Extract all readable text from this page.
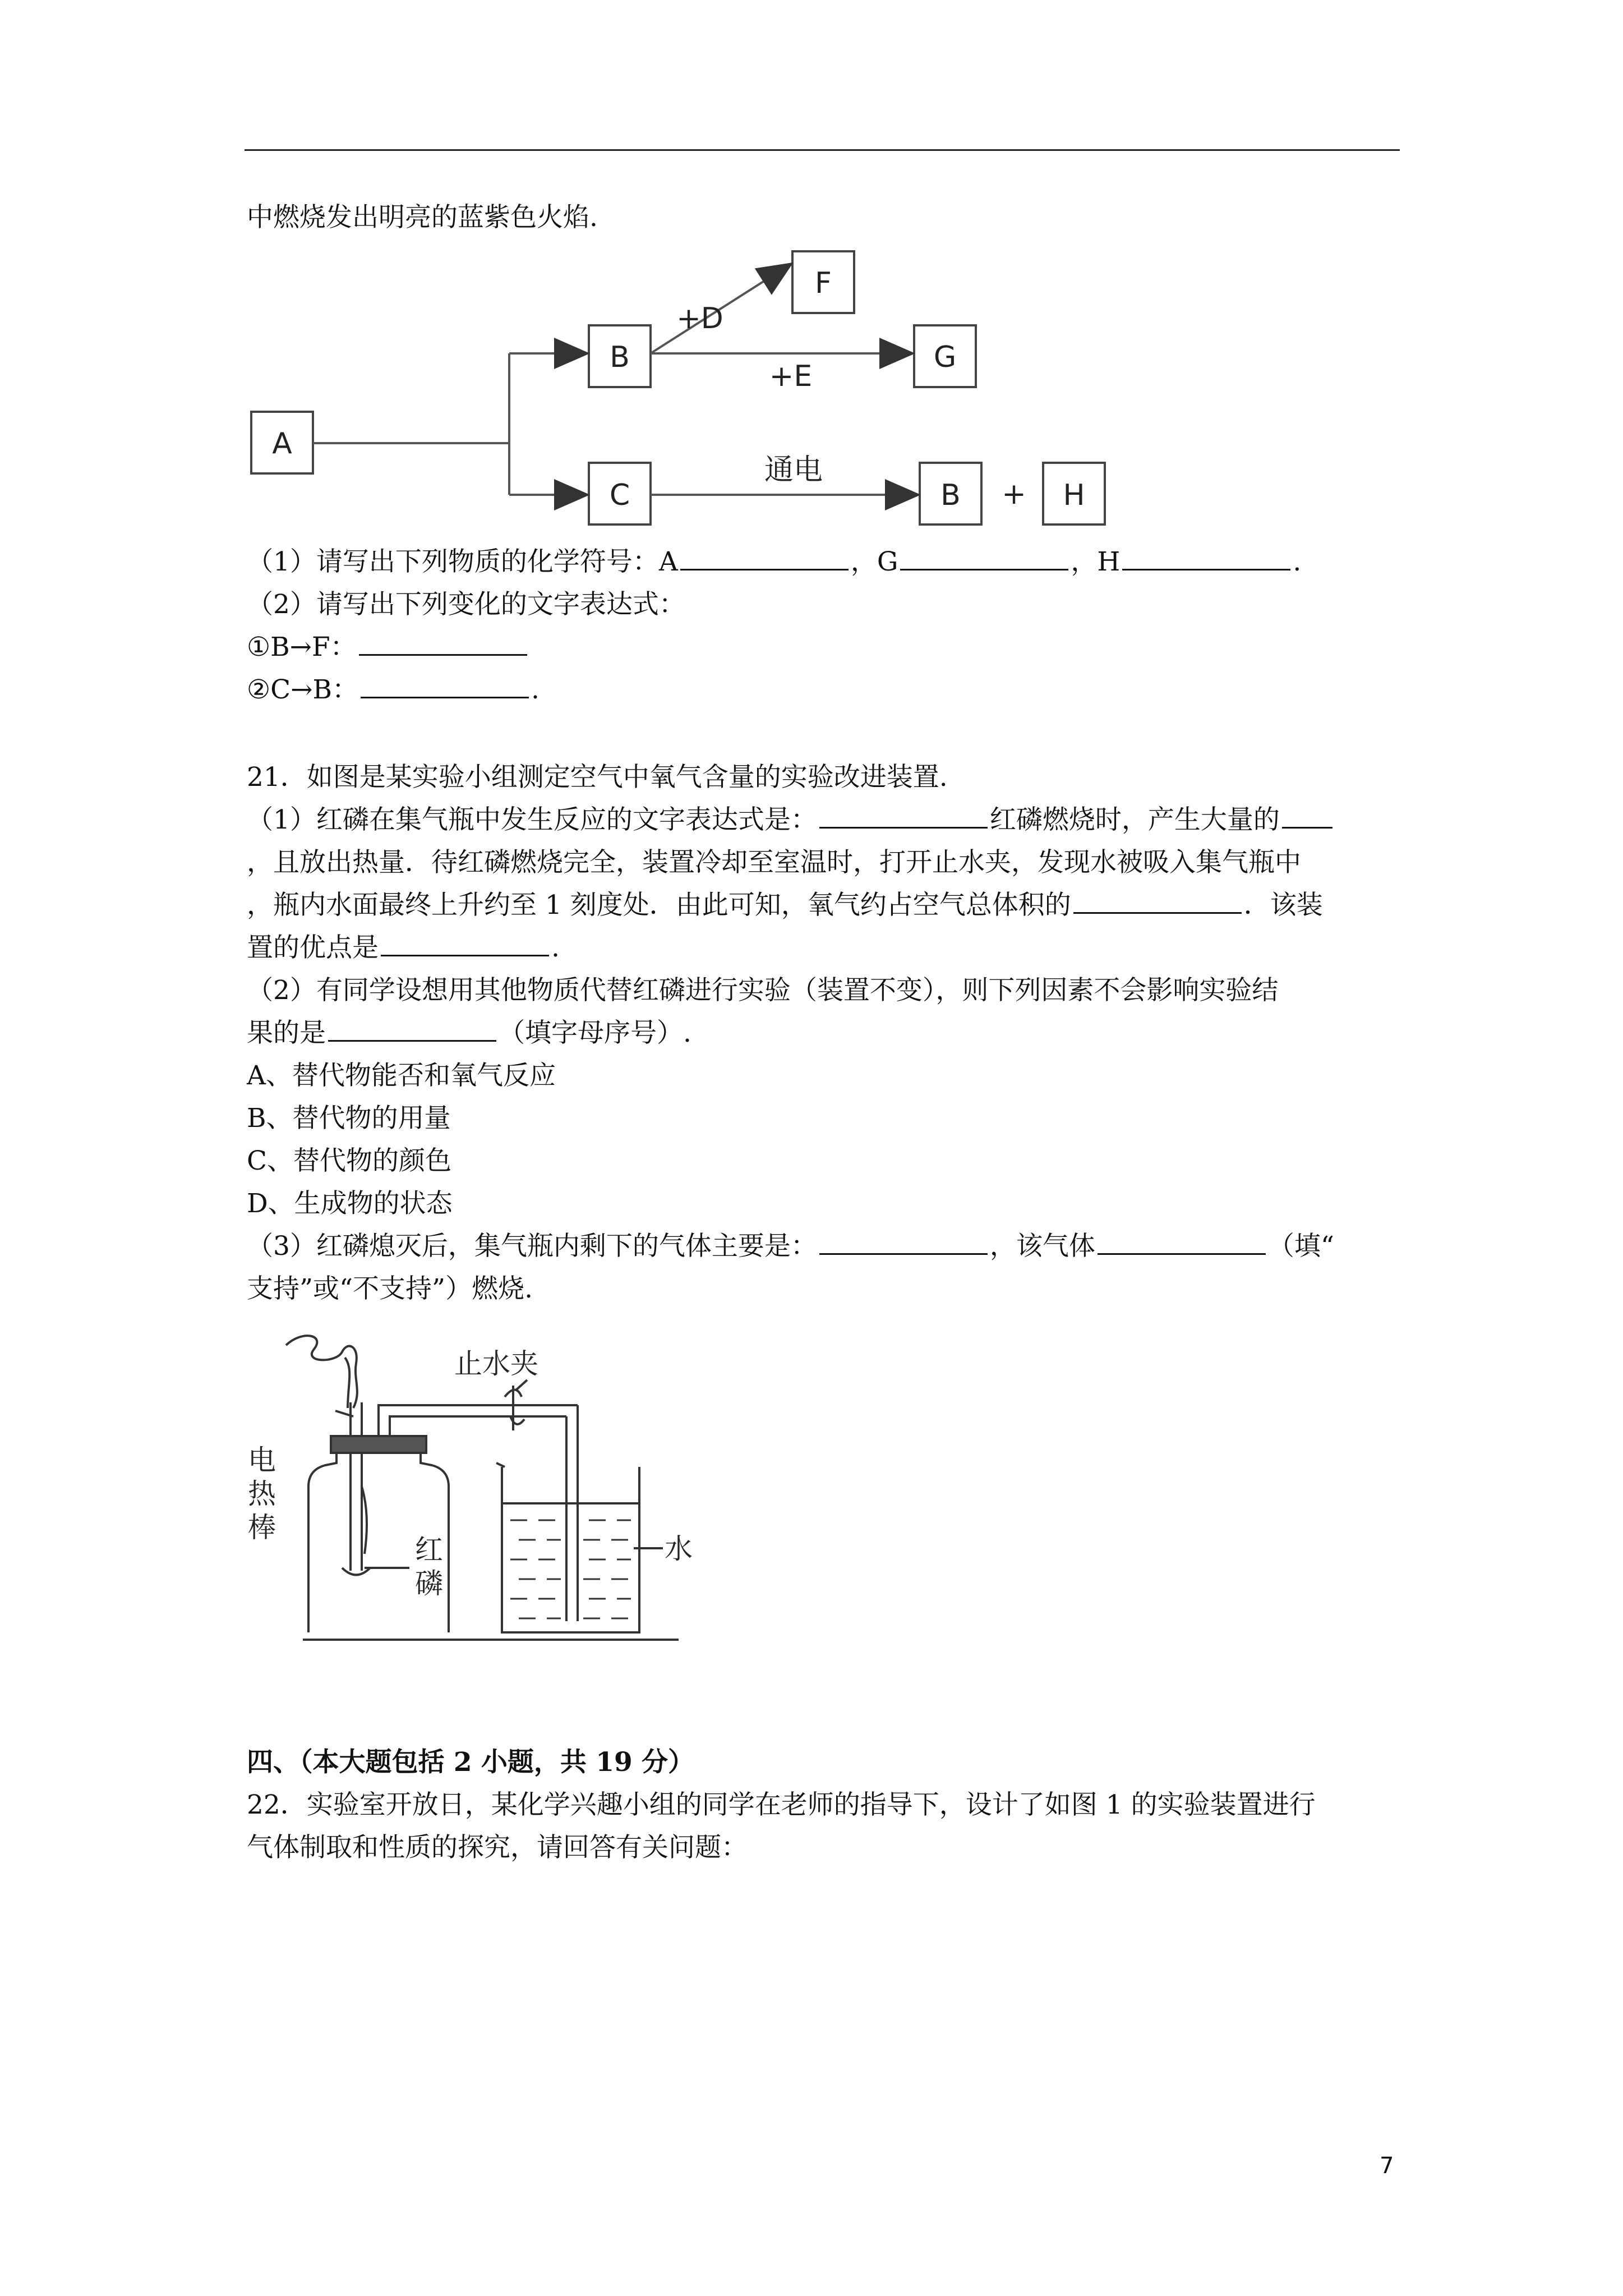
中燃烧发出明亮的蓝紫色火焰.
A
B
C
F
G
B	H
+D
+E
通电
+
（1）请写出下列物质的化学符号：A	，G	，H	.
（2）请写出下列变化的文字表达式：
①B→F：
②C→B：	.
21．如图是某实验小组测定空气中氧气含量的实验改进装置.
（1）红磷在集气瓶中发生反应的文字表达式是：	红磷燃烧时，产生大量的
，且放出热量．待红磷燃烧完全，装置冷却至室温时，打开止水夹，发现水被吸入集气瓶中
，瓶内水面最终上升约至 1 刻度处．由此可知，氧气约占空气总体积的	．该装
置的优点是	.
（2）有同学设想用其他物质代替红磷进行实验（装置不变），则下列因素不会影响实验结
果的是	（填字母序号）.
A、替代物能否和氧气反应
B、替代物的用量
C、替代物的颜色
D、生成物的状态
（3）红磷熄灭后，集气瓶内剩下的气体主要是：	，该气体	（填“
支持”或“不支持”）燃烧.
止水夹
电
热
棒
红
磷
水
四、（本大题包括 2 小题，共 19 分）
22．实验室开放日，某化学兴趣小组的同学在老师的指导下，设计了如图 1 的实验装置进行
气体制取和性质的探究，请回答有关问题：
7
